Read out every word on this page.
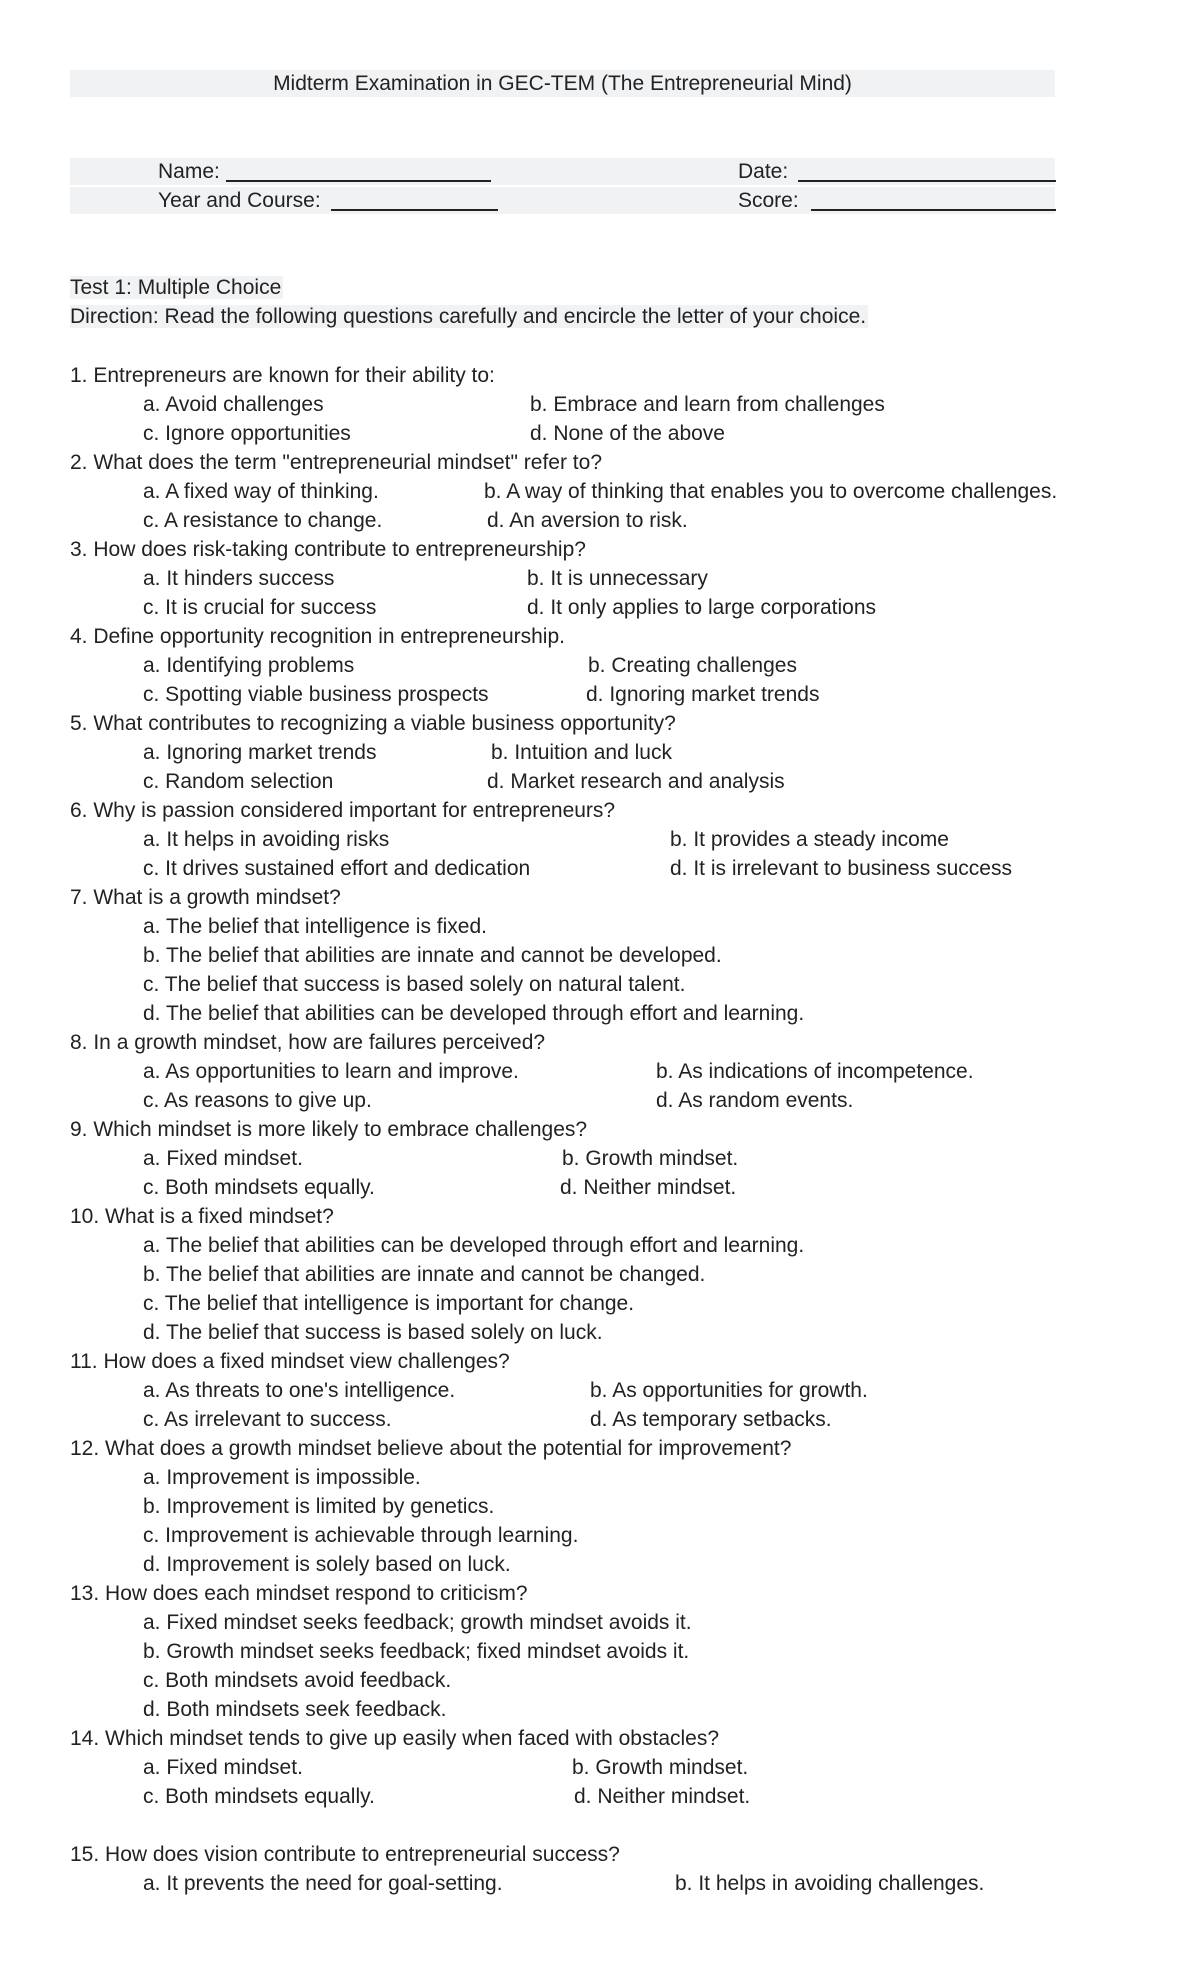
Midterm Examination in GEC-TEM (The Entrepreneurial Mind)
Name:	Date:
Year and Course:	Score:
Test 1: Multiple Choice
Direction: Read the following questions carefully and encircle the letter of your choice.
1. Entrepreneurs are known for their ability to:
a. Avoid challenges	b. Embrace and learn from challenges
c. Ignore opportunities	d. None of the above
2. What does the term "entrepreneurial mindset" refer to?
a. A fixed way of thinking.	b. A way of thinking that enables you to overcome challenges.
c. A resistance to change.	d. An aversion to risk.
3. How does risk-taking contribute to entrepreneurship?
a. It hinders success	b. It is unnecessary
c. It is crucial for success	d. It only applies to large corporations
4. Define opportunity recognition in entrepreneurship.
a. Identifying problems	b. Creating challenges
c. Spotting viable business prospects	d. Ignoring market trends
5. What contributes to recognizing a viable business opportunity?
a. Ignoring market trends	b. Intuition and luck
c. Random selection	d. Market research and analysis
6. Why is passion considered important for entrepreneurs?
a. It helps in avoiding risks	b. It provides a steady income
c. It drives sustained effort and dedication	d. It is irrelevant to business success
7. What is a growth mindset?
a. The belief that intelligence is fixed.
b. The belief that abilities are innate and cannot be developed.
c. The belief that success is based solely on natural talent.
d. The belief that abilities can be developed through effort and learning.
8. In a growth mindset, how are failures perceived?
a. As opportunities to learn and improve.	b. As indications of incompetence.
c. As reasons to give up.	d. As random events.
9. Which mindset is more likely to embrace challenges?
a. Fixed mindset.	b. Growth mindset.
c. Both mindsets equally.	d. Neither mindset.
10. What is a fixed mindset?
a. The belief that abilities can be developed through effort and learning.
b. The belief that abilities are innate and cannot be changed.
c. The belief that intelligence is important for change.
d. The belief that success is based solely on luck.
11. How does a fixed mindset view challenges?
a. As threats to one's intelligence.	b. As opportunities for growth.
c. As irrelevant to success.	d. As temporary setbacks.
12. What does a growth mindset believe about the potential for improvement?
a. Improvement is impossible.
b. Improvement is limited by genetics.
c. Improvement is achievable through learning.
d. Improvement is solely based on luck.
13. How does each mindset respond to criticism?
a. Fixed mindset seeks feedback; growth mindset avoids it.
b. Growth mindset seeks feedback; fixed mindset avoids it.
c. Both mindsets avoid feedback.
d. Both mindsets seek feedback.
14. Which mindset tends to give up easily when faced with obstacles?
a. Fixed mindset.	b. Growth mindset.
c. Both mindsets equally.	d. Neither mindset.
15. How does vision contribute to entrepreneurial success?
a. It prevents the need for goal-setting.	b. It helps in avoiding challenges.
